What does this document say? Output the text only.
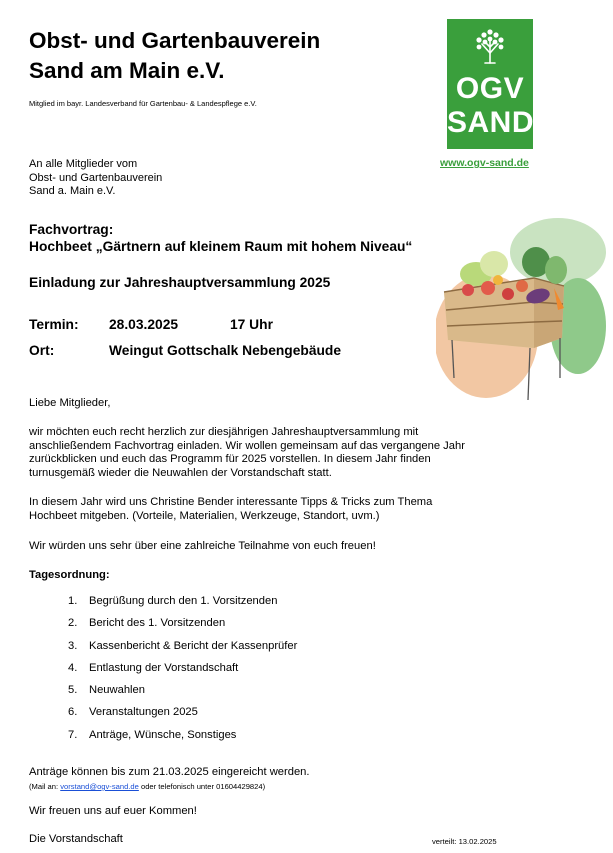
Obst- und Gartenbauverein
Sand am Main e.V.
Mitglied im bayr. Landesverband für Gartenbau- & Landespflege e.V.	OGV
SAND
www.ogv-sand.de
An alle Mitglieder vom
Obst- und Gartenbauverein
Sand a. Main e.V.
Fachvortrag:
Hochbeet „Gärtnern auf kleinem Raum mit hohem Niveau“
Einladung zur Jahreshauptversammlung 2025
Termin: 28.03.2025	17 Uhr
Ort:	Weingut Gottschalk Nebengebäude
Liebe Mitglieder,
wir möchten euch recht herzlich zur diesjährigen Jahreshauptversammlung mit anschließendem Fachvortrag einladen. Wir wollen gemeinsam auf das vergangene Jahr zurückblicken und euch das Programm für 2025 vorstellen. In diesem Jahr finden turnusgemäß wieder die Neuwahlen der Vorstandschaft statt.
In diesem Jahr wird uns Christine Bender interessante Tipps & Tricks zum Thema Hochbeet mitgeben. (Vorteile, Materialien, Werkzeuge, Standort, uvm.)
Wir würden uns sehr über eine zahlreiche Teilnahme von euch freuen!
Tagesordnung:
1. Begrüßung durch den 1. Vorsitzenden
2. Bericht des 1. Vorsitzenden
3. Kassenbericht & Bericht der Kassenprüfer
4. Entlastung der Vorstandschaft
5. Neuwahlen
6. Veranstaltungen 2025
7. Anträge, Wünsche, Sonstiges
Anträge können bis zum 21.03.2025 eingereicht werden.
(Mail an: vorstand@ogv-sand.de oder telefonisch unter 01604429824)
Wir freuen uns auf euer Kommen!
Die Vorstandschaft	verteilt: 13.02.2025
